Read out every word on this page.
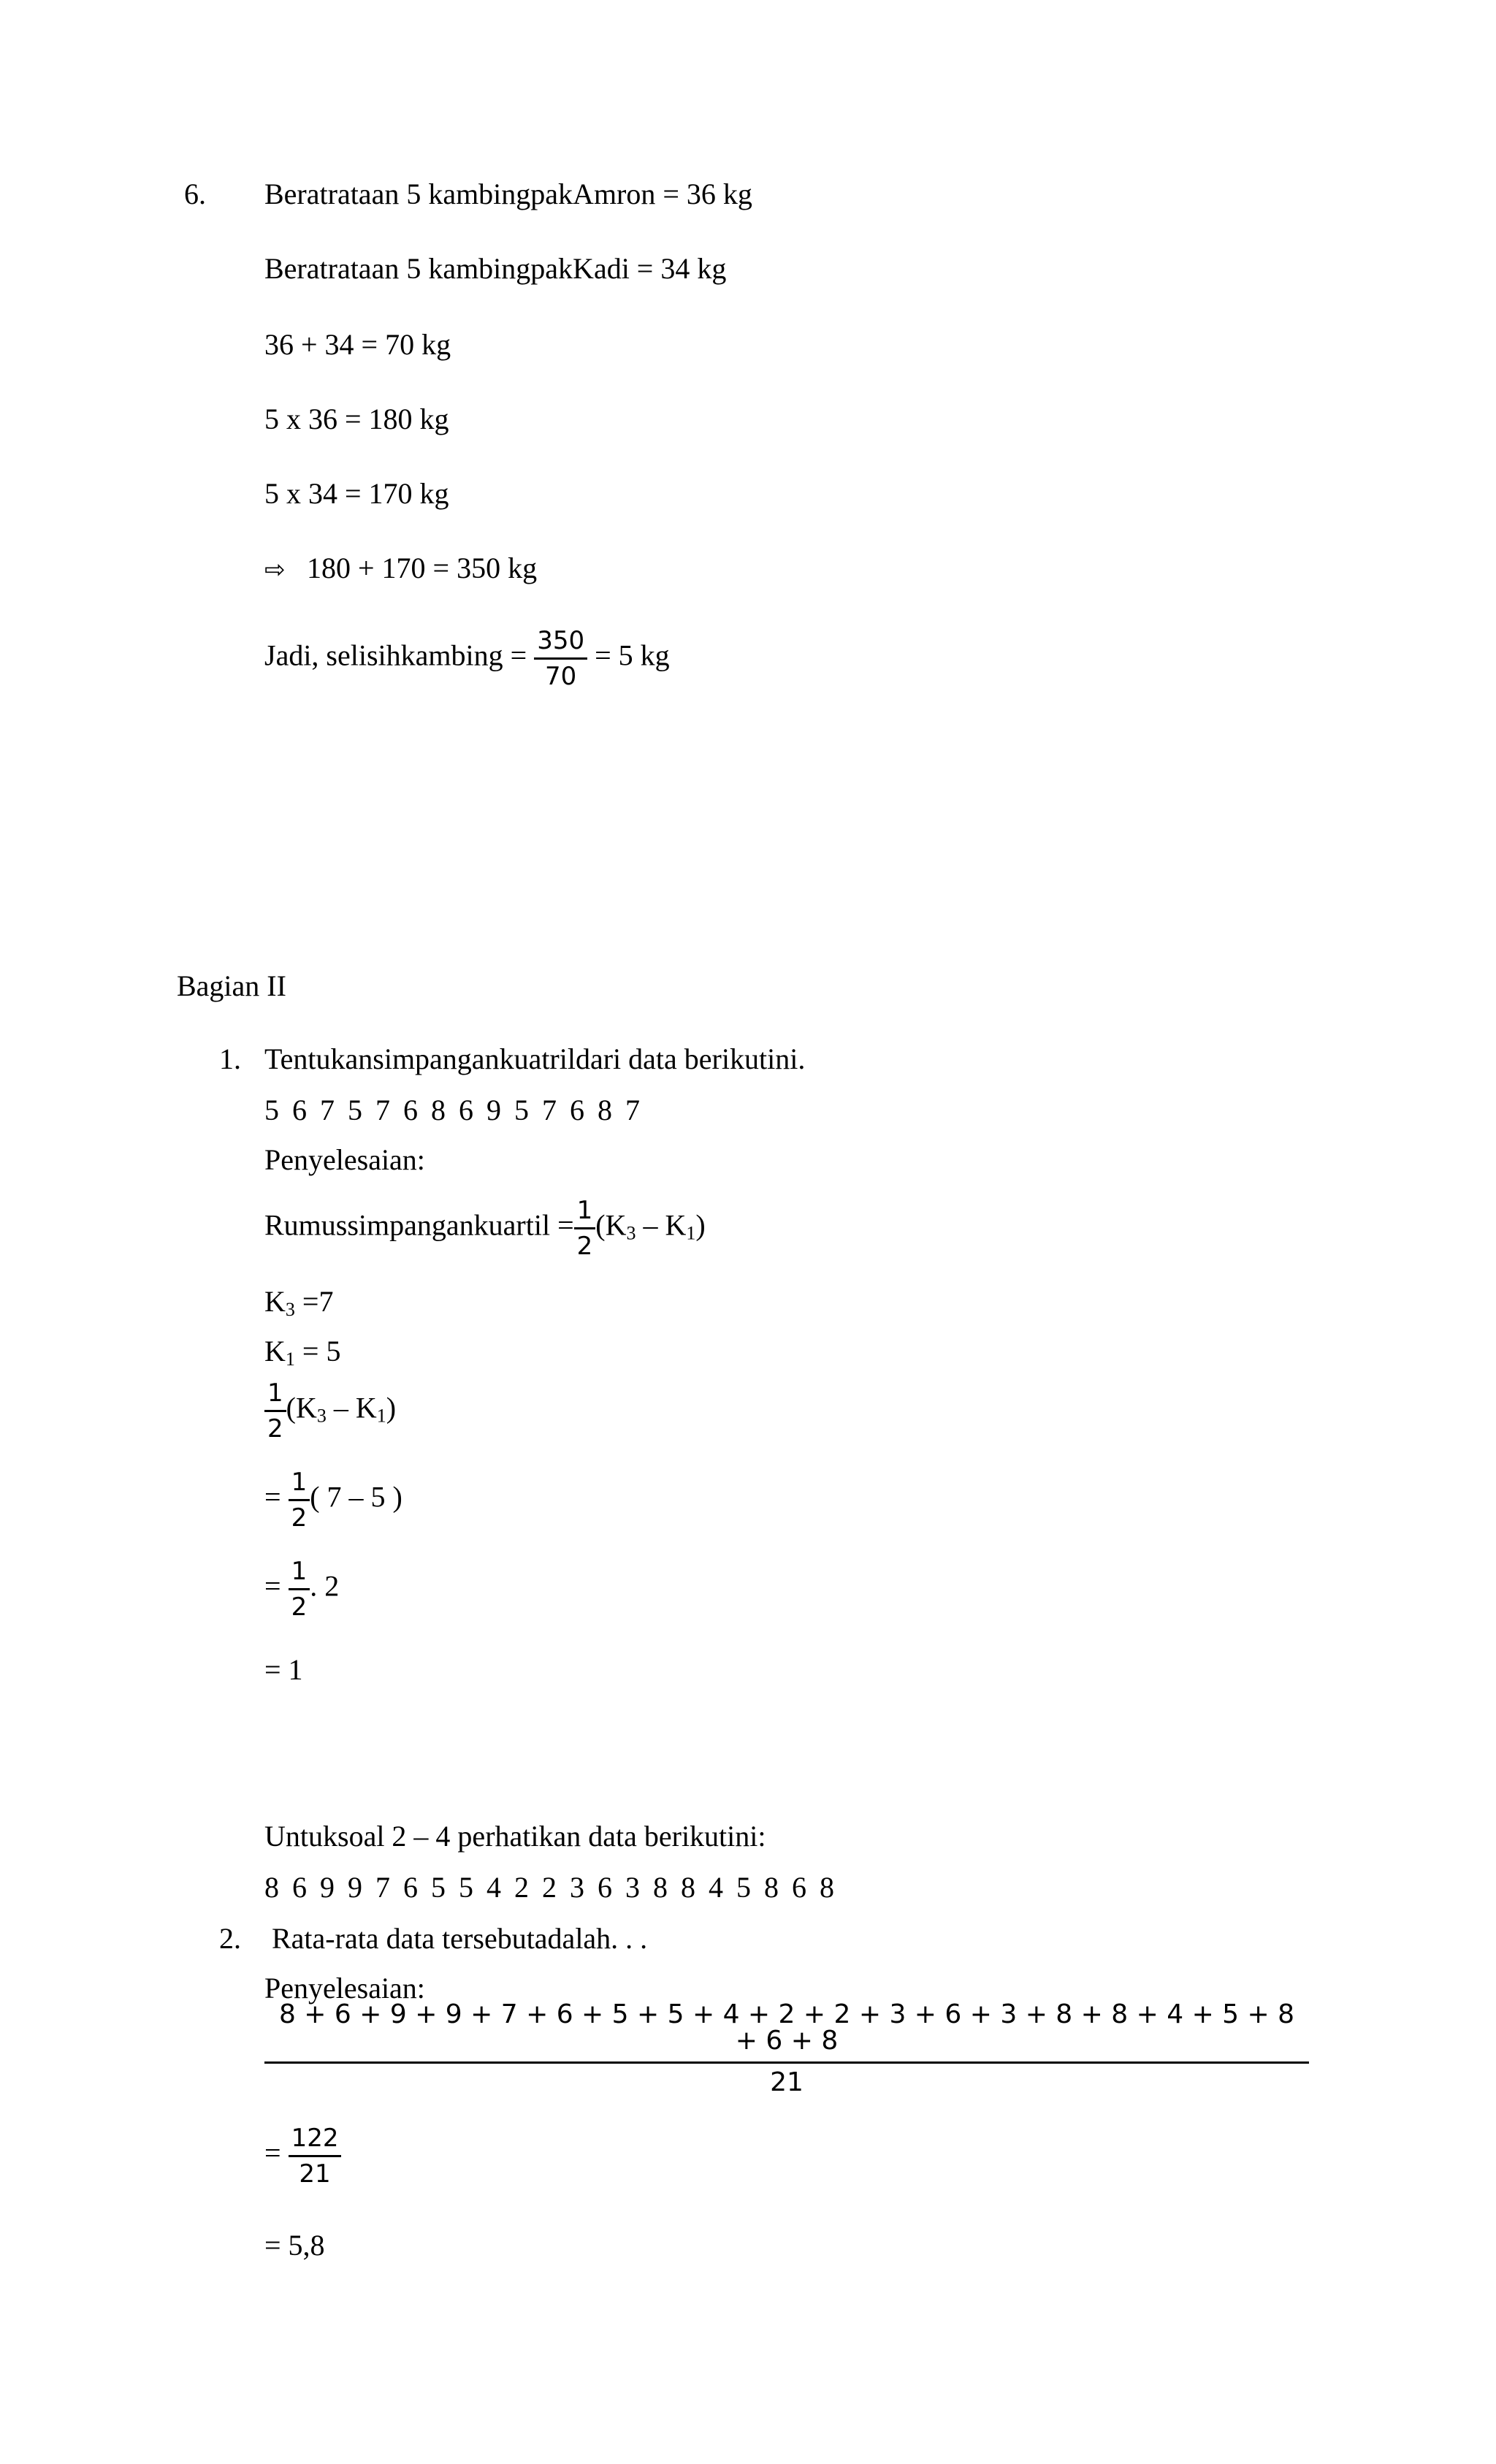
6. Beratrataan 5 kambingpakAmron = 36 kg
Beratrataan 5 kambingpakKadi = 34 kg
36 + 34 = 70 kg
5 x 36 = 180 kg
5 x 34 = 170 kg
⇨ 180 + 170 = 350 kg
Jadi, selisihkambing = $\frac{350}{70} = 5$ kg
Bagian II
1. Tentukansimpangankuatrildari data berikutini.
5 6 7 5 7 6 8 6 9 5 7 6 8 7
Penyelesaian:
Rumussimpangankuartil = $\frac{1}{2} (K_3 - K_1)$
$K_3 =7$
$K_1 = 5$
$\frac{1}{2} (K_3 - K_1)$
= $\frac{1}{2}$ ( 7 – 5 )
= $\frac{1}{2}$ . 2
= 1
Untuksoal 2 – 4 perhatikan data berikutini:
8 6 9 9 7 6 5 5 4 2 2 3 6 3 8 8 4 5 8 6 8
2. Rata-rata data tersebutadalah. . .
Penyelesaian:
8 + 6 + 9 + 9 + 7 + 6 + 5 + 5 + 4 + 2 + 2 + 3 + 6 + 3 + 8 + 8 + 4 + 5 + 8 + 6 + 8
21
= $\frac{122}{21}$
= 5,8
